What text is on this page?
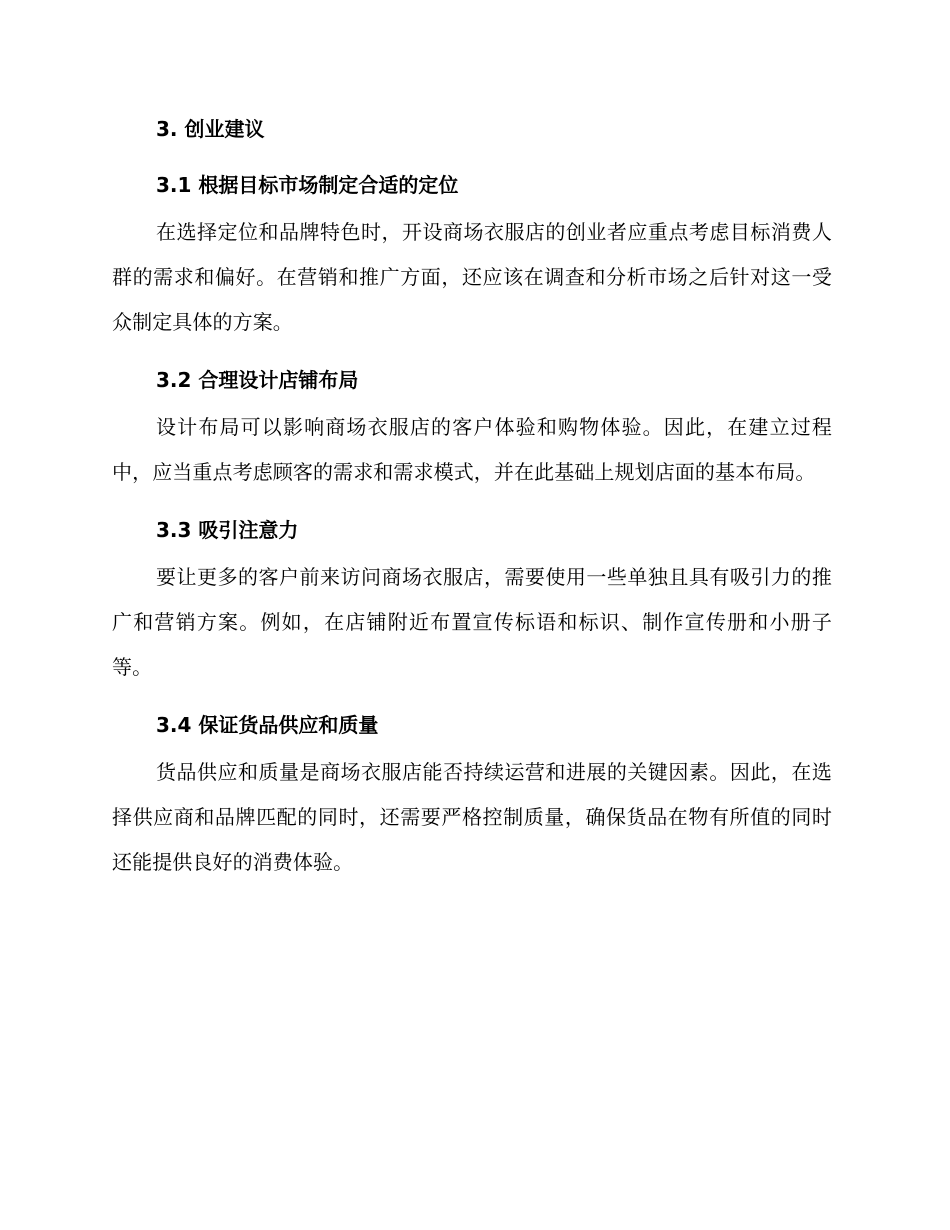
3. 创业建议
3.1 根据目标市场制定合适的定位

在选择定位和品牌特色时，开设商场衣服店的创业者应重点考虑目标消费人群的需求和偏好。在营销和推广方面，还应该在调查和分析市场之后针对这一受众制定具体的方案。

3.2 合理设计店铺布局

设计布局可以影响商场衣服店的客户体验和购物体验。因此，在建立过程中，应当重点考虑顾客的需求和需求模式，并在此基础上规划店面的基本布局。

3.3 吸引注意力

要让更多的客户前来访问商场衣服店，需要使用一些单独且具有吸引力的推广和营销方案。例如，在店铺附近布置宣传标语和标识、制作宣传册和小册子等。

3.4 保证货品供应和质量

货品供应和质量是商场衣服店能否持续运营和进展的关键因素。因此，在选择供应商和品牌匹配的同时，还需要严格控制质量，确保货品在物有所值的同时还能提供良好的消费体验。
